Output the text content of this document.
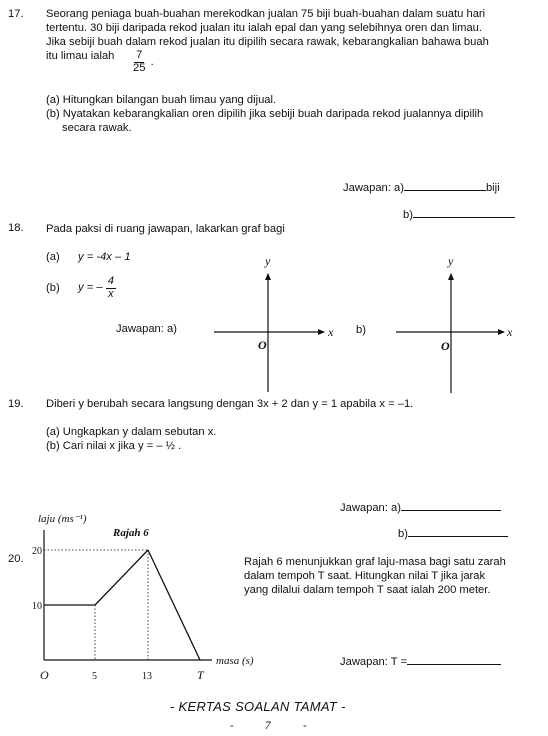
17. Seorang peniaga buah-buahan merekodkan jualan 75 biji buah-buahan dalam suatu hari
tertentu. 30 biji daripada rekod jualan itu ialah epal dan yang selebihnya oren dan limau.
Jika sebiji buah dalam rekod jualan itu dipilih secara rawak, kebarangkalian bahawa buah
itu limau ialah $\frac{7}{25}$ .
(a) Hitungkan bilangan buah limau yang dijual.
(b) Nyatakan kebarangkalian oren dipilih jika sebiji buah daripada rekod jualannya dipilih
secara rawak.
Jawapan: a)	biji
b)
18. Pada paksi di ruang jawapan, lakarkan graf bagi
(a) y = -4x – 1
(b) y = – $\frac{4}{x}$
Jawapan: a)	b)
y
x
O
y
x
O
19. Diberi y berubah secara langsung dengan 3x + 2 dan y = 1 apabila x = –1.
(a) Ungkapkan y dalam sebutan x.
(b) Cari nilai x jika y = – ½ .
Jawapan: a)
b)
20.	Rajah 6 menunjukkan graf laju-masa bagi satu zarah
dalam tempoh T saat. Hitungkan nilai T jika jarak
yang dilalui dalam tempoh T saat ialah 200 meter.
Jawapan: T =
laju (ms⁻¹)
Rajah 6
masa (s)
O	5	13	T
10
20
- KERTAS SOALAN TAMAT -
-	7	-
